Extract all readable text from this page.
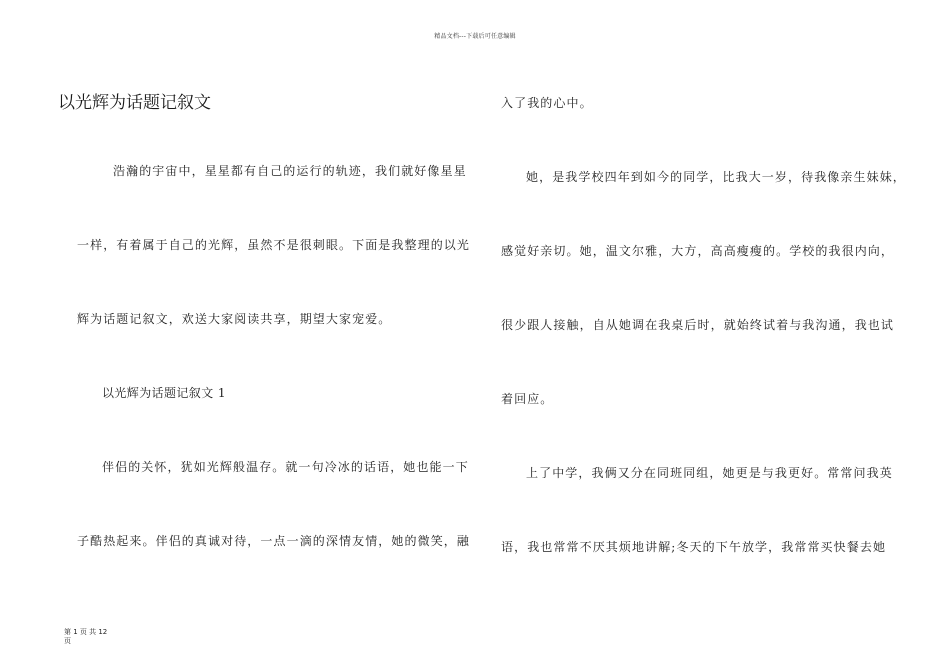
精品文档---下载后可任意编辑
以光辉为话题记叙文
浩瀚的宇宙中，星星都有自己的运行的轨迹，我们就好像星星
一样，有着属于自己的光辉，虽然不是很刺眼。下面是我整理的以光
辉为话题记叙文，欢送大家阅读共享，期望大家宠爱。
以光辉为话题记叙文 1
伴侣的关怀，犹如光辉般温存。就一句冷冰的话语，她也能一下
子酷热起来。伴侣的真诚对待，一点一滴的深情友情，她的微笑，融
入了我的心中。
她，是我学校四年到如今的同学，比我大一岁，待我像亲生妹妹，
感觉好亲切。她，温文尔雅，大方，高高瘦瘦的。学校的我很内向，
很少跟人接触，自从她调在我桌后时，就始终试着与我沟通，我也试
着回应。
上了中学，我俩又分在同班同组，她更是与我更好。常常问我英
语，我也常常不厌其烦地讲解;冬天的下午放学，我常常买快餐去她
第 1 页 共 12 页
